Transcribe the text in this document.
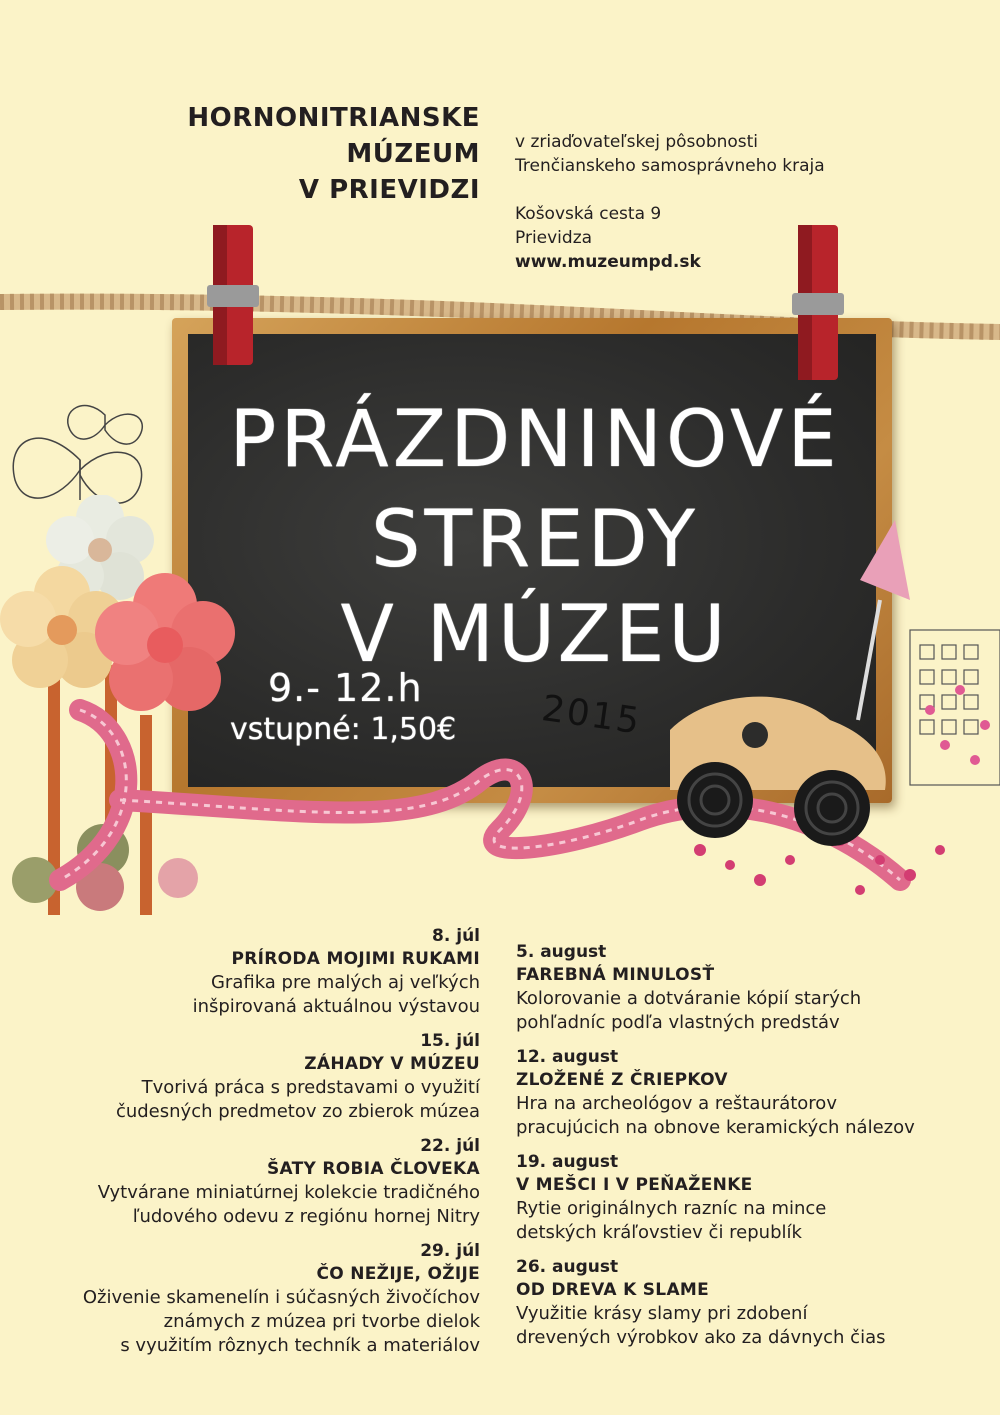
HORNONITRIANSKE
MÚZEUM
V PRIEVIDZI
v zriaďovateľskej pôsobnosti
Trenčianskeho samosprávneho kraja
Košovská cesta 9
Prievidza
www.muzeumpd.sk
PRÁZDNINOVÉ
STREDY
V MÚZEU
9.- 12.h
vstupné: 1,50€ 2015
8. júl
PRÍRODA MOJIMI RUKAMI
Grafika pre malých aj veľkých
inšpirovaná aktuálnou výstavou
15. júl
ZÁHADY V MÚZEU
Tvorivá práca s predstavami o využití
čudesných predmetov zo zbierok múzea
22. júl
ŠATY ROBIA ČLOVEKA
Vytvárane miniatúrnej kolekcie tradičného
ľudového odevu z regiónu hornej Nitry
29. júl
ČO NEŽIJE, OŽIJE
Oživenie skamenelín i súčasných živočíchov
známych z múzea pri tvorbe dielok
s využitím rôznych techník a materiálov
5. august
FAREBNÁ MINULOSŤ
Kolorovanie a dotváranie kópií starých
pohľadníc podľa vlastných predstáv
12. august
ZLOŽENÉ Z ČRIEPKOV
Hra na archeológov a reštaurátorov
pracujúcich na obnove keramických nálezov
19. august
V MEŠCI I V PEŇAŽENKE
Rytie originálnych razníc na mince
detských kráľovstiev či republík
26. august
OD DREVA K SLAME
Využitie krásy slamy pri zdobení
drevených výrobkov ako za dávnych čias
